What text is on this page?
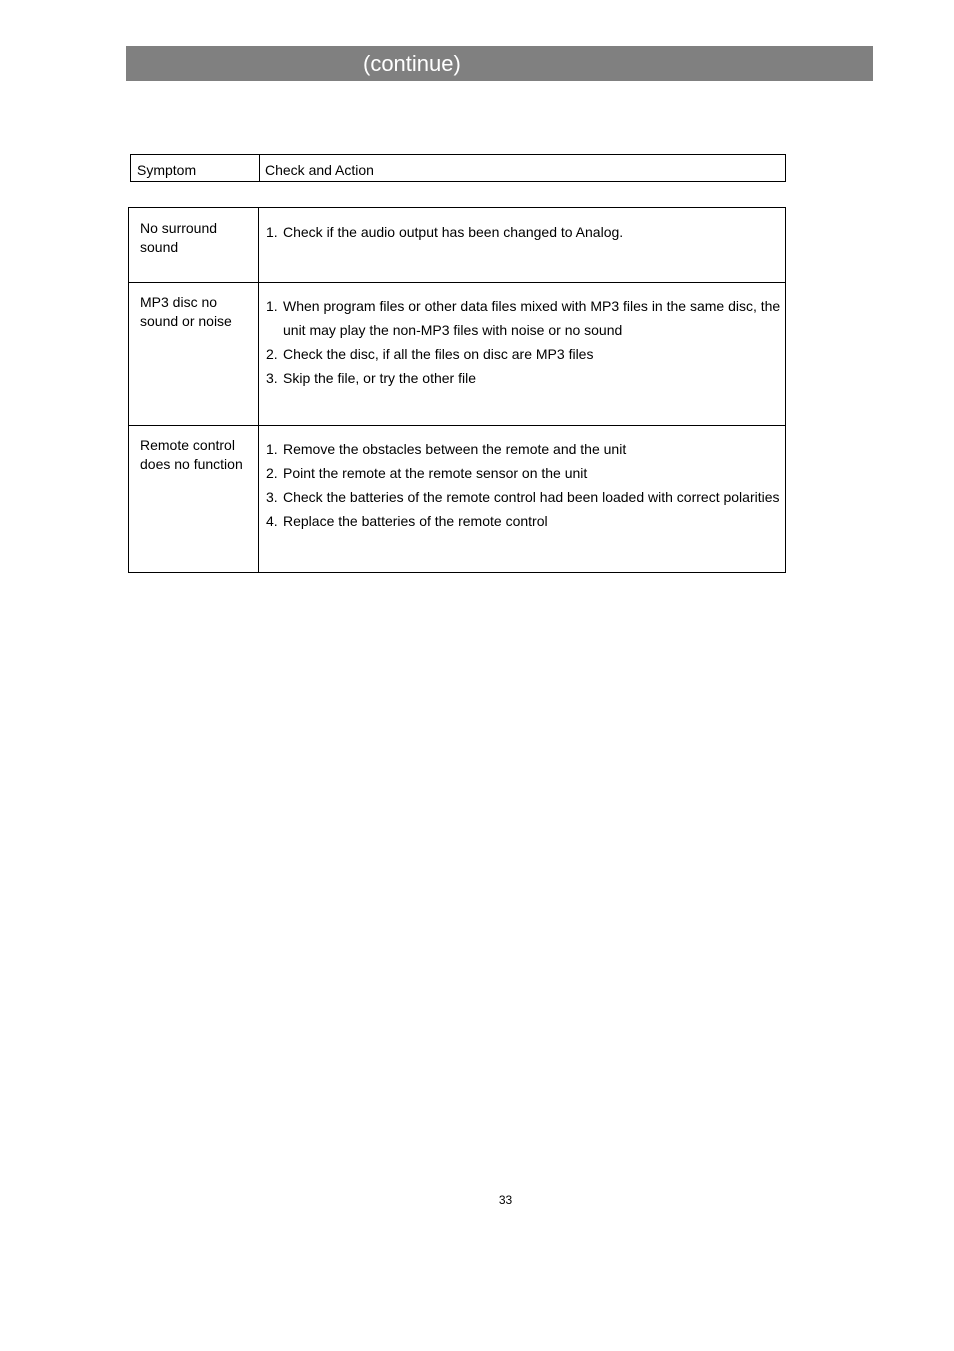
(continue)
Symptom	Check and Action
No surround sound
1. Check if the audio output has been changed to Analog.
MP3 disc no sound or noise
1. When program files or other data files mixed with MP3 files in the same disc, the unit may play the non-MP3 files with noise or no sound
2. Check the disc, if all the files on disc are MP3 files
3. Skip the file, or try the other file
Remote control does no function
1. Remove the obstacles between the remote and the unit
2. Point the remote at the remote sensor on the unit
3. Check the batteries of the remote control had been loaded with correct polarities
4. Replace the batteries of the remote control
33
